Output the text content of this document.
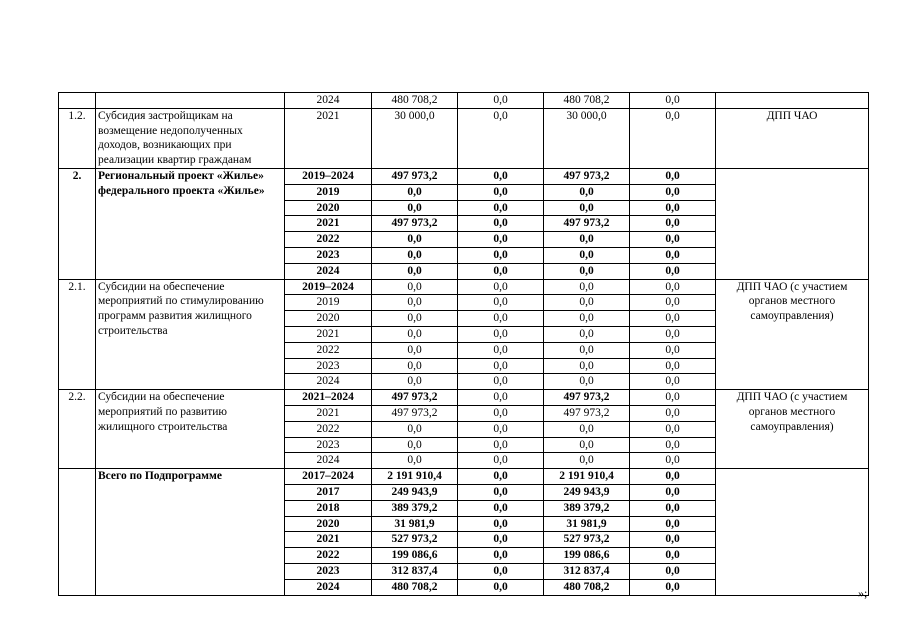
		2024	480 708,2	0,0	480 708,2	0,0	
1.2.	Субсидия застройщикам на возмещение недополученных доходов, возникающих при реализации квартир гражданам	2021	30 000,0	0,0	30 000,0	0,0	ДПП ЧАО
2.	Региональный проект «Жилье» федерального проекта «Жилье»	2019–2024	497 973,2	0,0	497 973,2	0,0	
		2019	0,0	0,0	0,0	0,0	
		2020	0,0	0,0	0,0	0,0	
		2021	497 973,2	0,0	497 973,2	0,0	
		2022	0,0	0,0	0,0	0,0	
		2023	0,0	0,0	0,0	0,0	
		2024	0,0	0,0	0,0	0,0	
2.1.	Субсидии на обеспечение мероприятий по стимулированию программ развития жилищного строительства	2019–2024	0,0	0,0	0,0	0,0	ДПП ЧАО (с участием органов местного самоуправления)
		2019	0,0	0,0	0,0	0,0	
		2020	0,0	0,0	0,0	0,0	
		2021	0,0	0,0	0,0	0,0	
		2022	0,0	0,0	0,0	0,0	
		2023	0,0	0,0	0,0	0,0	
		2024	0,0	0,0	0,0	0,0	
2.2.	Субсидии на обеспечение мероприятий по развитию жилищного строительства	2021–2024	497 973,2	0,0	497 973,2	0,0	ДПП ЧАО (с участием органов местного самоуправления)
		2021	497 973,2	0,0	497 973,2	0,0	
		2022	0,0	0,0	0,0	0,0	
		2023	0,0	0,0	0,0	0,0	
		2024	0,0	0,0	0,0	0,0	
	Всего по Подпрограмме	2017–2024	2 191 910,4	0,0	2 191 910,4	0,0	
		2017	249 943,9	0,0	249 943,9	0,0	
		2018	389 379,2	0,0	389 379,2	0,0	
		2020	31 981,9	0,0	31 981,9	0,0	
		2021	527 973,2	0,0	527 973,2	0,0	
		2022	199 086,6	0,0	199 086,6	0,0	
		2023	312 837,4	0,0	312 837,4	0,0	
		2024	480 708,2	0,0	480 708,2	0,0		»;
